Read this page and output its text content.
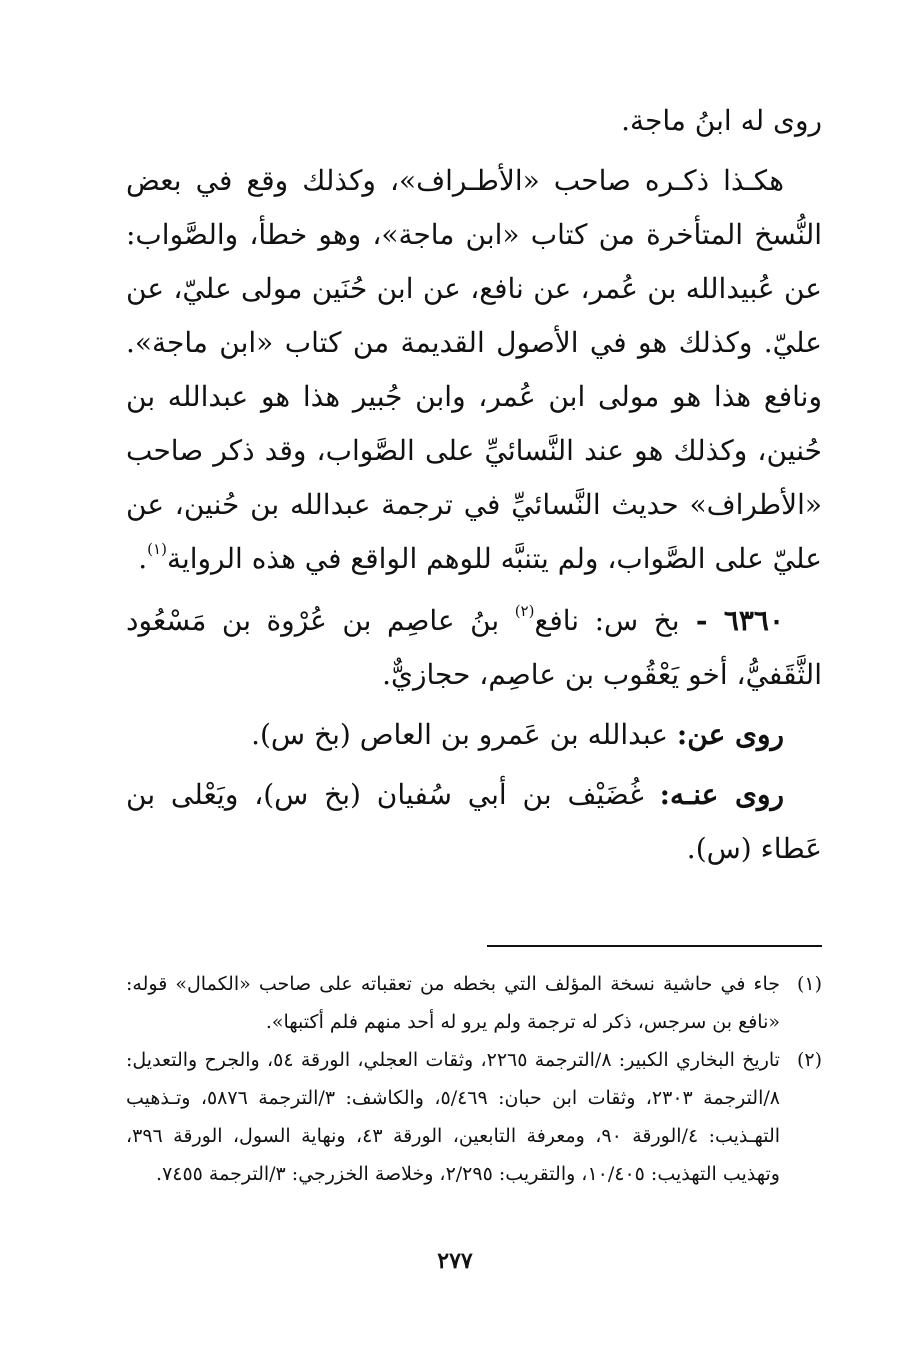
روى له ابنُ ماجة.

هكـذا ذكـره صاحب «الأطـراف»، وكذلك وقع في بعض النُّسخ المتأخرة من كتاب «ابن ماجة»، وهو خطأ، والصَّواب: عن عُبيدالله بن عُمر، عن نافع، عن ابن حُنَين مولى عليّ، عن عليّ. وكذلك هو في الأصول القديمة من كتاب «ابن ماجة». ونافع هذا هو مولى ابن عُمر، وابن جُبير هذا هو عبدالله بن حُنين، وكذلك هو عند النَّسائيِّ على الصَّواب، وقد ذكر صاحب «الأطراف» حديث النَّسائيِّ في ترجمة عبدالله بن حُنين، عن عليّ على الصَّواب، ولم يتنبَّه للوهم الواقع في هذه الرواية$^{(١)}$.

٦٣٦٠ - بخ س: نافع$^{(٢)}$ بنُ عاصِم بن عُرْوة بن مَسْعُود الثَّقَفيُّ، أخو يَعْقُوب بن عاصِم، حجازيٌّ.

روى عن: عبدالله بن عَمرو بن العاص (بخ س).

روى عنـه: غُضَيْف بن أبي سُفيان (بخ س)، ويَعْلى بن عَطاء (س).

(١)
جاء في حاشية نسخة المؤلف التي بخطه من تعقباته على صاحب «الكمال» قوله: «نافع بن سرجس، ذكر له ترجمة ولم يرو له أحد منهم فلم أكتبها».
(٢)
تاريخ البخاري الكبير: ٨/الترجمة ٢٢٦٥، وثقات العجلي، الورقة ٥٤، والجرح والتعديل: ٨/الترجمة ٢٣٠٣، وثقات ابن حبان: ٥/٤٦٩، والكاشف: ٣/الترجمة ٥٨٧٦، وتـذهيب التهـذيب: ٤/الورقة ٩٠، ومعرفة التابعين، الورقة ٤٣، ونهاية السول، الورقة ٣٩٦، وتهذيب التهذيب: ١٠/٤٠٥، والتقريب: ٢/٢٩٥، وخلاصة الخزرجي: ٣/الترجمة ٧٤٥٥.
٢٧٧
